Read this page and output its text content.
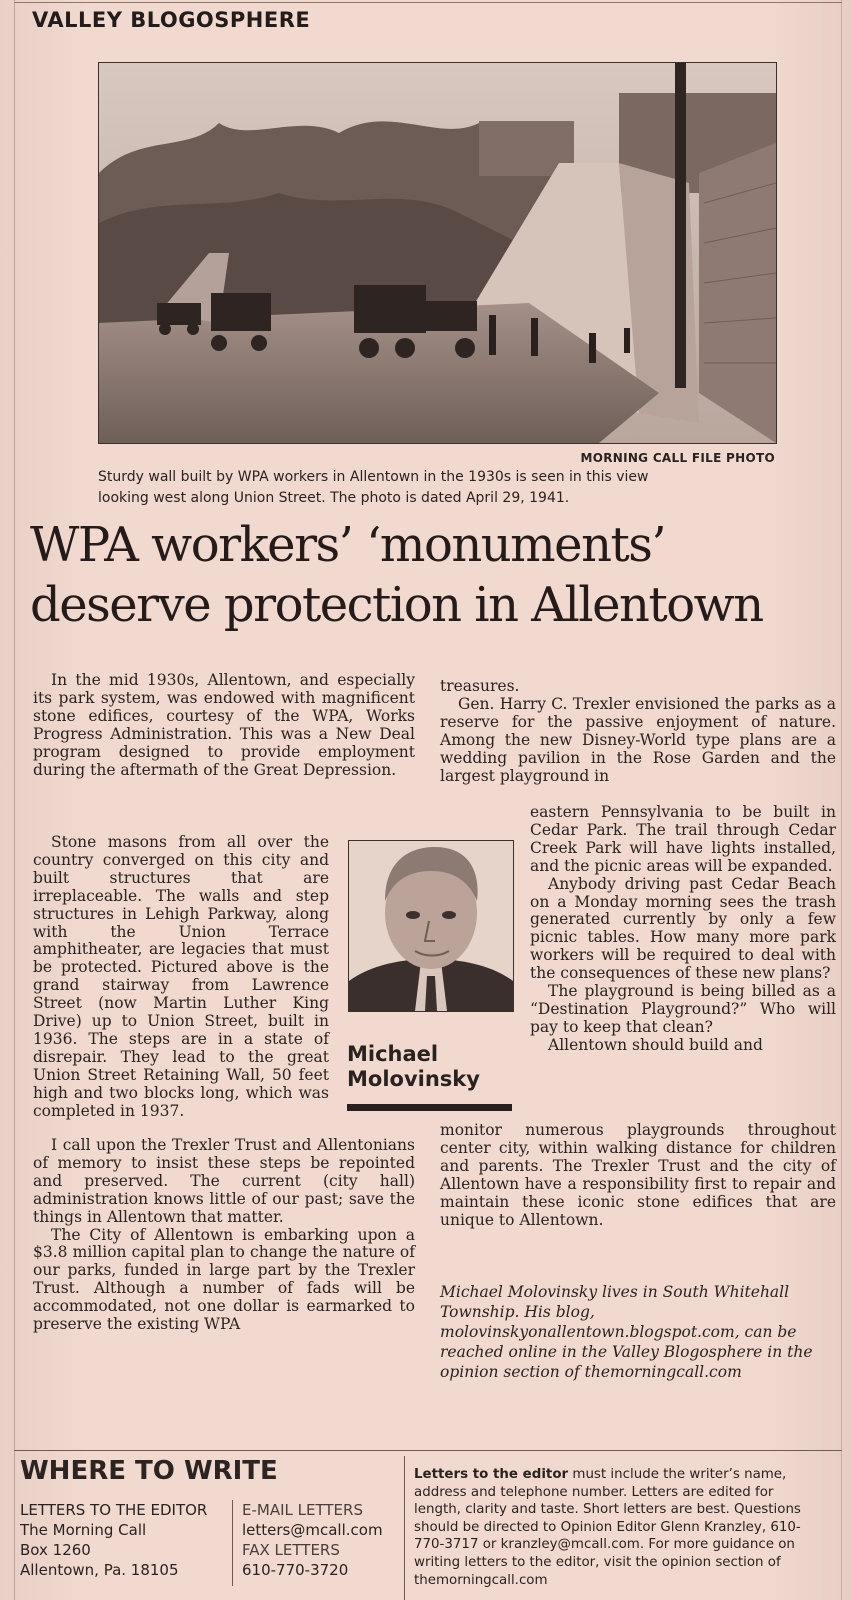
VALLEY BLOGOSPHERE
MORNING CALL FILE PHOTO
Sturdy wall built by WPA workers in Allentown in the 1930s is seen in this view
looking west along Union Street. The photo is dated April 29, 1941.
WPA workers’ ‘monuments’
deserve protection in Allentown

In the mid 1930s, Allentown, and especially its park system, was endowed with magnificent stone edifices, courtesy of the WPA, Works Progress Administration. This was a New Deal program designed to provide employment during the aftermath of the Great Depression.

Stone masons from all over the country converged on this city and built structures that are irreplaceable. The walls and step structures in Lehigh Parkway, along with the Union Terrace amphitheater, are legacies that must be protected. Pictured above is the grand stairway from Lawrence Street (now Martin Luther King Drive) up to Union Street, built in 1936. The steps are in a state of disrepair. They lead to the great Union Street Retaining Wall, 50 feet high and two blocks long, which was completed in 1937.

I call upon the Trexler Trust and Allentonians of memory to insist these steps be repointed and preserved. The current (city hall) administration knows little of our past; save the things in Allentown that matter.

The City of Allentown is embarking upon a $3.8 million capital plan to change the nature of our parks, funded in large part by the Trexler Trust. Although a number of fads will be accommodated, not one dollar is earmarked to preserve the existing WPA

treasures.

Gen. Harry C. Trexler envisioned the parks as a reserve for the passive enjoyment of nature. Among the new Disney-World type plans are a wedding pavilion in the Rose Garden and the largest playground in

eastern Pennsylvania to be built in Cedar Park. The trail through Cedar Creek Park will have lights installed, and the picnic areas will be expanded.

Anybody driving past Cedar Beach on a Monday morning sees the trash generated currently by only a few picnic tables. How many more park workers will be required to deal with the consequences of these new plans?

The playground is being billed as a “Destination Playground?” Who will pay to keep that clean?

Allentown should build and

monitor numerous playgrounds throughout center city, within walking distance for children and parents. The Trexler Trust and the city of Allentown have a responsibility first to repair and maintain these iconic stone edifices that are unique to Allentown.

Michael
Molovinsky
Michael Molovinsky lives in South Whitehall Township. His blog, molovinskyonallentown.blogspot.com, can be reached online in the Valley Blogosphere in the opinion section of themorningcall.com
WHERE TO WRITE
LETTERS TO THE EDITOR
The Morning Call
Box 1260
Allentown, Pa. 18105
E-MAIL LETTERS
letters@mcall.com
FAX LETTERS
610-770-3720
Letters to the editor must include the writer’s name, address and telephone number. Letters are edited for length, clarity and taste. Short letters are best. Questions should be directed to Opinion Editor Glenn Kranzley, 610-770-3717 or kranzley@mcall.com. For more guidance on writing letters to the editor, visit the opinion section of themorningcall.com
